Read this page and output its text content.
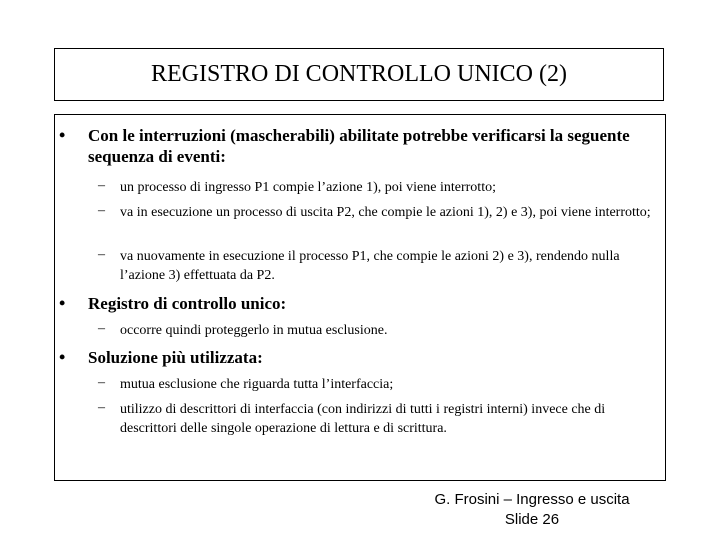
REGISTRO DI CONTROLLO UNICO (2)
• Con le interruzioni (mascherabili) abilitate potrebbe verificarsi la seguente sequenza di eventi:
– un processo di ingresso P1 compie l’azione 1), poi viene interrotto;
– va in esecuzione un processo di uscita P2, che compie le azioni 1), 2) e 3), poi viene interrotto;
– va nuovamente in esecuzione il processo P1, che compie le azioni 2) e 3), rendendo nulla l’azione 3) effettuata da P2.
• Registro di controllo unico:
– occorre quindi proteggerlo in mutua esclusione.
• Soluzione più utilizzata:
– mutua esclusione che riguarda tutta l’interfaccia;
– utilizzo di descrittori di interfaccia (con indirizzi di tutti i registri interni) invece che di descrittori delle singole operazione di lettura e di scrittura.
G. Frosini – Ingresso e uscita
Slide 26
